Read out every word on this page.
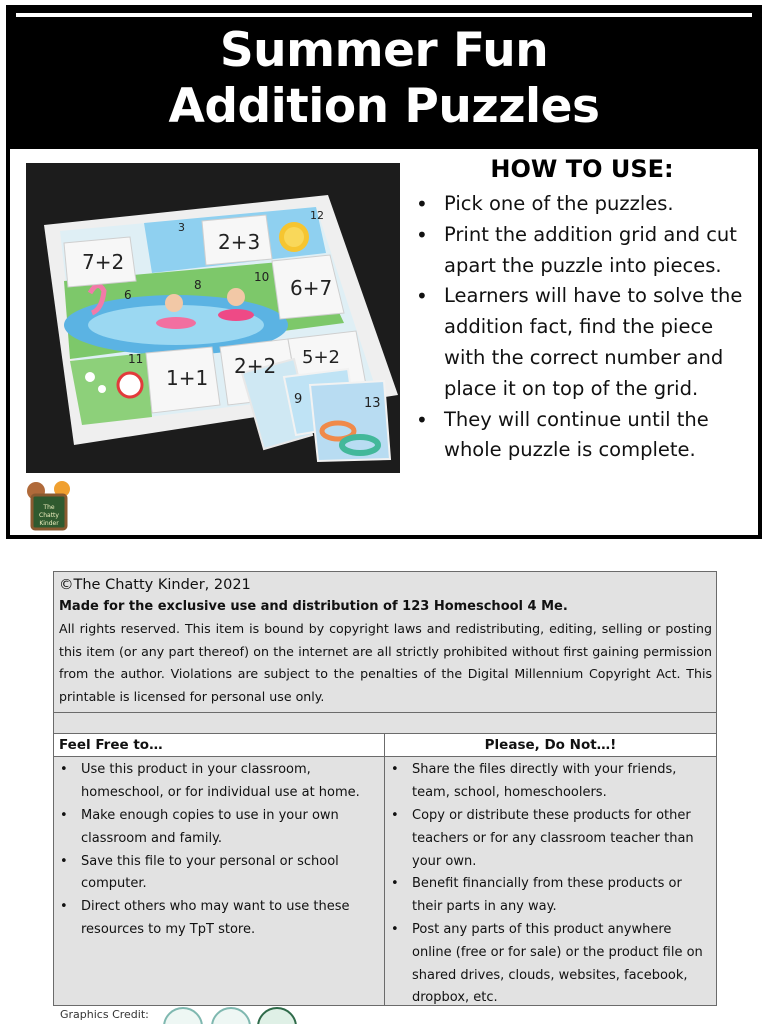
Summer Fun
Addition Puzzles
7+2
3
2+3
12
6
8
10 6+7
11
1+1 2+2 5+2
9	13
HOW TO USE:
• Pick one of the puzzles.
• Print the addition grid and cut apart the puzzle into pieces.
• Learners will have to solve the addition fact, find the piece with the correct number and place it on top of the grid.
• They will continue until the whole puzzle is complete.
The
Chatty
Kinder
©The Chatty Kinder, 2021
Made for the exclusive use and distribution of 123 Homeschool 4 Me.
All rights reserved. This item is bound by copyright laws and redistributing, editing, selling or posting this item (or any part thereof) on the internet are all strictly prohibited without first gaining permission from the author. Violations are subject to the penalties of the Digital Millennium Copyright Act. This printable is licensed for personal use only.
Feel Free to…
• Use this product in your classroom, homeschool, or for individual use at home.
• Make enough copies to use in your own classroom and family.
• Save this file to your personal or school computer.
• Direct others who may want to use these resources to my TpT store.
Please, Do Not…!
• Share the files directly with your friends, team, school, homeschoolers.
• Copy or distribute these products for other teachers or for any classroom teacher than your own.
• Benefit financially from these products or their parts in any way.
• Post any parts of this product anywhere online (free or for sale) or the product file on shared drives, clouds, websites, facebook, dropbox, etc.
Graphics Credit:
